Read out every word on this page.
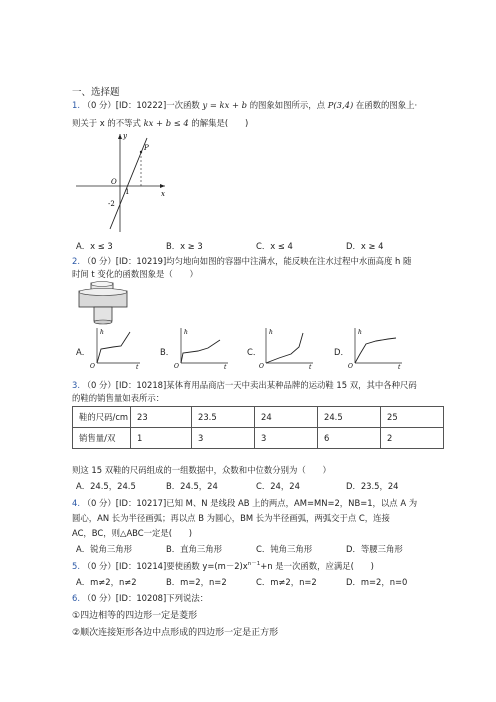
一、选择题
1. （0 分）[ID：10222]一次函数 y = kx + b 的图象如图所示，点 P(3,4) 在函数的图象上·
则关于 x 的不等式 kx + b ≤ 4 的解集是(　　)
y
x
P
O
1
-2
A．x ≤ 3	B．x ≥ 3	C．x ≤ 4	D．x ≥ 4
2. （0 分）[ID：10219]均匀地向如图的容器中注满水，能反映在注水过程中水面高度 h 随
时间 t 变化的函数图象是（　　）
A．
h
O	t
B．
h
O	t
C．
h
O	t
D．
h
O	t
3. （0 分）[ID：10218]某体育用品商店一天中卖出某种品牌的运动鞋 15 双，其中各种尺码
的鞋的销售量如表所示：
鞋的尺码/cm	23	23.5	24	24.5	25
销售量/双	1	3	3	6	2
则这 15 双鞋的尺码组成的一组数据中，众数和中位数分别为（　　）
A．24.5，24.5	B．24.5，24	C．24，24	D．23.5，24
4. （0 分）[ID：10217]已知 M、N 是线段 AB 上的两点，AM=MN=2，NB=1，以点 A 为
圆心，AN 长为半径画弧；再以点 B 为圆心，BM 长为半径画弧，两弧交于点 C，连接
AC，BC，则△ABC一定是(　　)
A．锐角三角形	B．直角三角形	C．钝角三角形	D．等腰三角形
5. （0 分）[ID：10214]要使函数 $y=(m-2)x^{n-1}+n$ 是一次函数，应满足(　　)
A．m≠2，n≠2	B．m=2，n=2	C．m≠2，n=2	D．m=2，n=0
6. （0 分）[ID：10208]下列说法：
①四边相等的四边形一定是菱形
②顺次连接矩形各边中点形成的四边形一定是正方形
